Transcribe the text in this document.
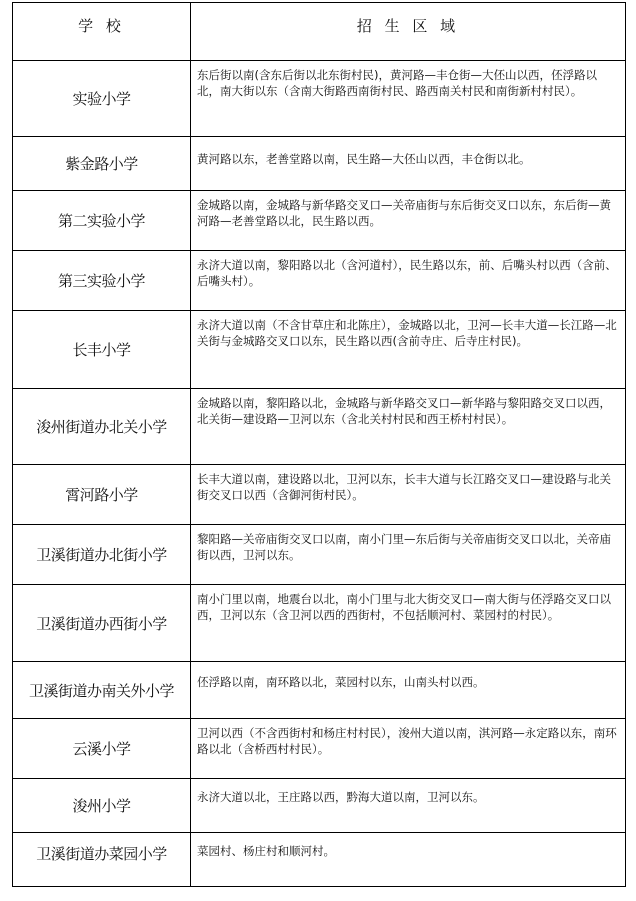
学 校	招 生 区 域
实验小学	东后街以南(含东后街以北东街村民)，黄河路—丰仓街—大伾山以西，伾浮路以北，南大街以东（含南大街路西南街村民、路西南关村民和南街新村村民）。
紫金路小学	黄河路以东，老善堂路以南，民生路—大伾山以西，丰仓街以北。
第二实验小学	金城路以南，金城路与新华路交叉口—关帝庙街与东后街交叉口以东，东后街—黄河路—老善堂路以北，民生路以西。
第三实验小学	永济大道以南，黎阳路以北（含河道村），民生路以东，前、后嘴头村以西（含前、后嘴头村）。
长丰小学	永济大道以南（不含甘草庄和北陈庄），金城路以北，卫河—长丰大道—长江路—北关街与金城路交叉口以东，民生路以西(含前寺庄、后寺庄村民)。
浚州街道办北关小学	金城路以南，黎阳路以北，金城路与新华路交叉口—新华路与黎阳路交叉口以西，北关街—建设路—卫河以东（含北关村村民和西王桥村村民）。
霄河路小学	长丰大道以南，建设路以北，卫河以东，长丰大道与长江路交叉口—建设路与北关街交叉口以西（含御河街村民）。
卫溪街道办北街小学	黎阳路—关帝庙街交叉口以南，南小门里—东后街与关帝庙街交叉口以北，关帝庙街以西，卫河以东。
卫溪街道办西街小学	南小门里以南，地震台以北，南小门里与北大街交叉口—南大街与伾浮路交叉口以西，卫河以东（含卫河以西的西街村，不包括顺河村、菜园村的村民）。
卫溪街道办南关外小学	伾浮路以南，南环路以北，菜园村以东，山南头村以西。
云溪小学	卫河以西（不含西街村和杨庄村村民），浚州大道以南，淇河路—永定路以东，南环路以北（含桥西村村民）。
浚州小学	永济大道以北，王庄路以西，黔海大道以南，卫河以东。
卫溪街道办菜园小学	菜园村、杨庄村和顺河村。
